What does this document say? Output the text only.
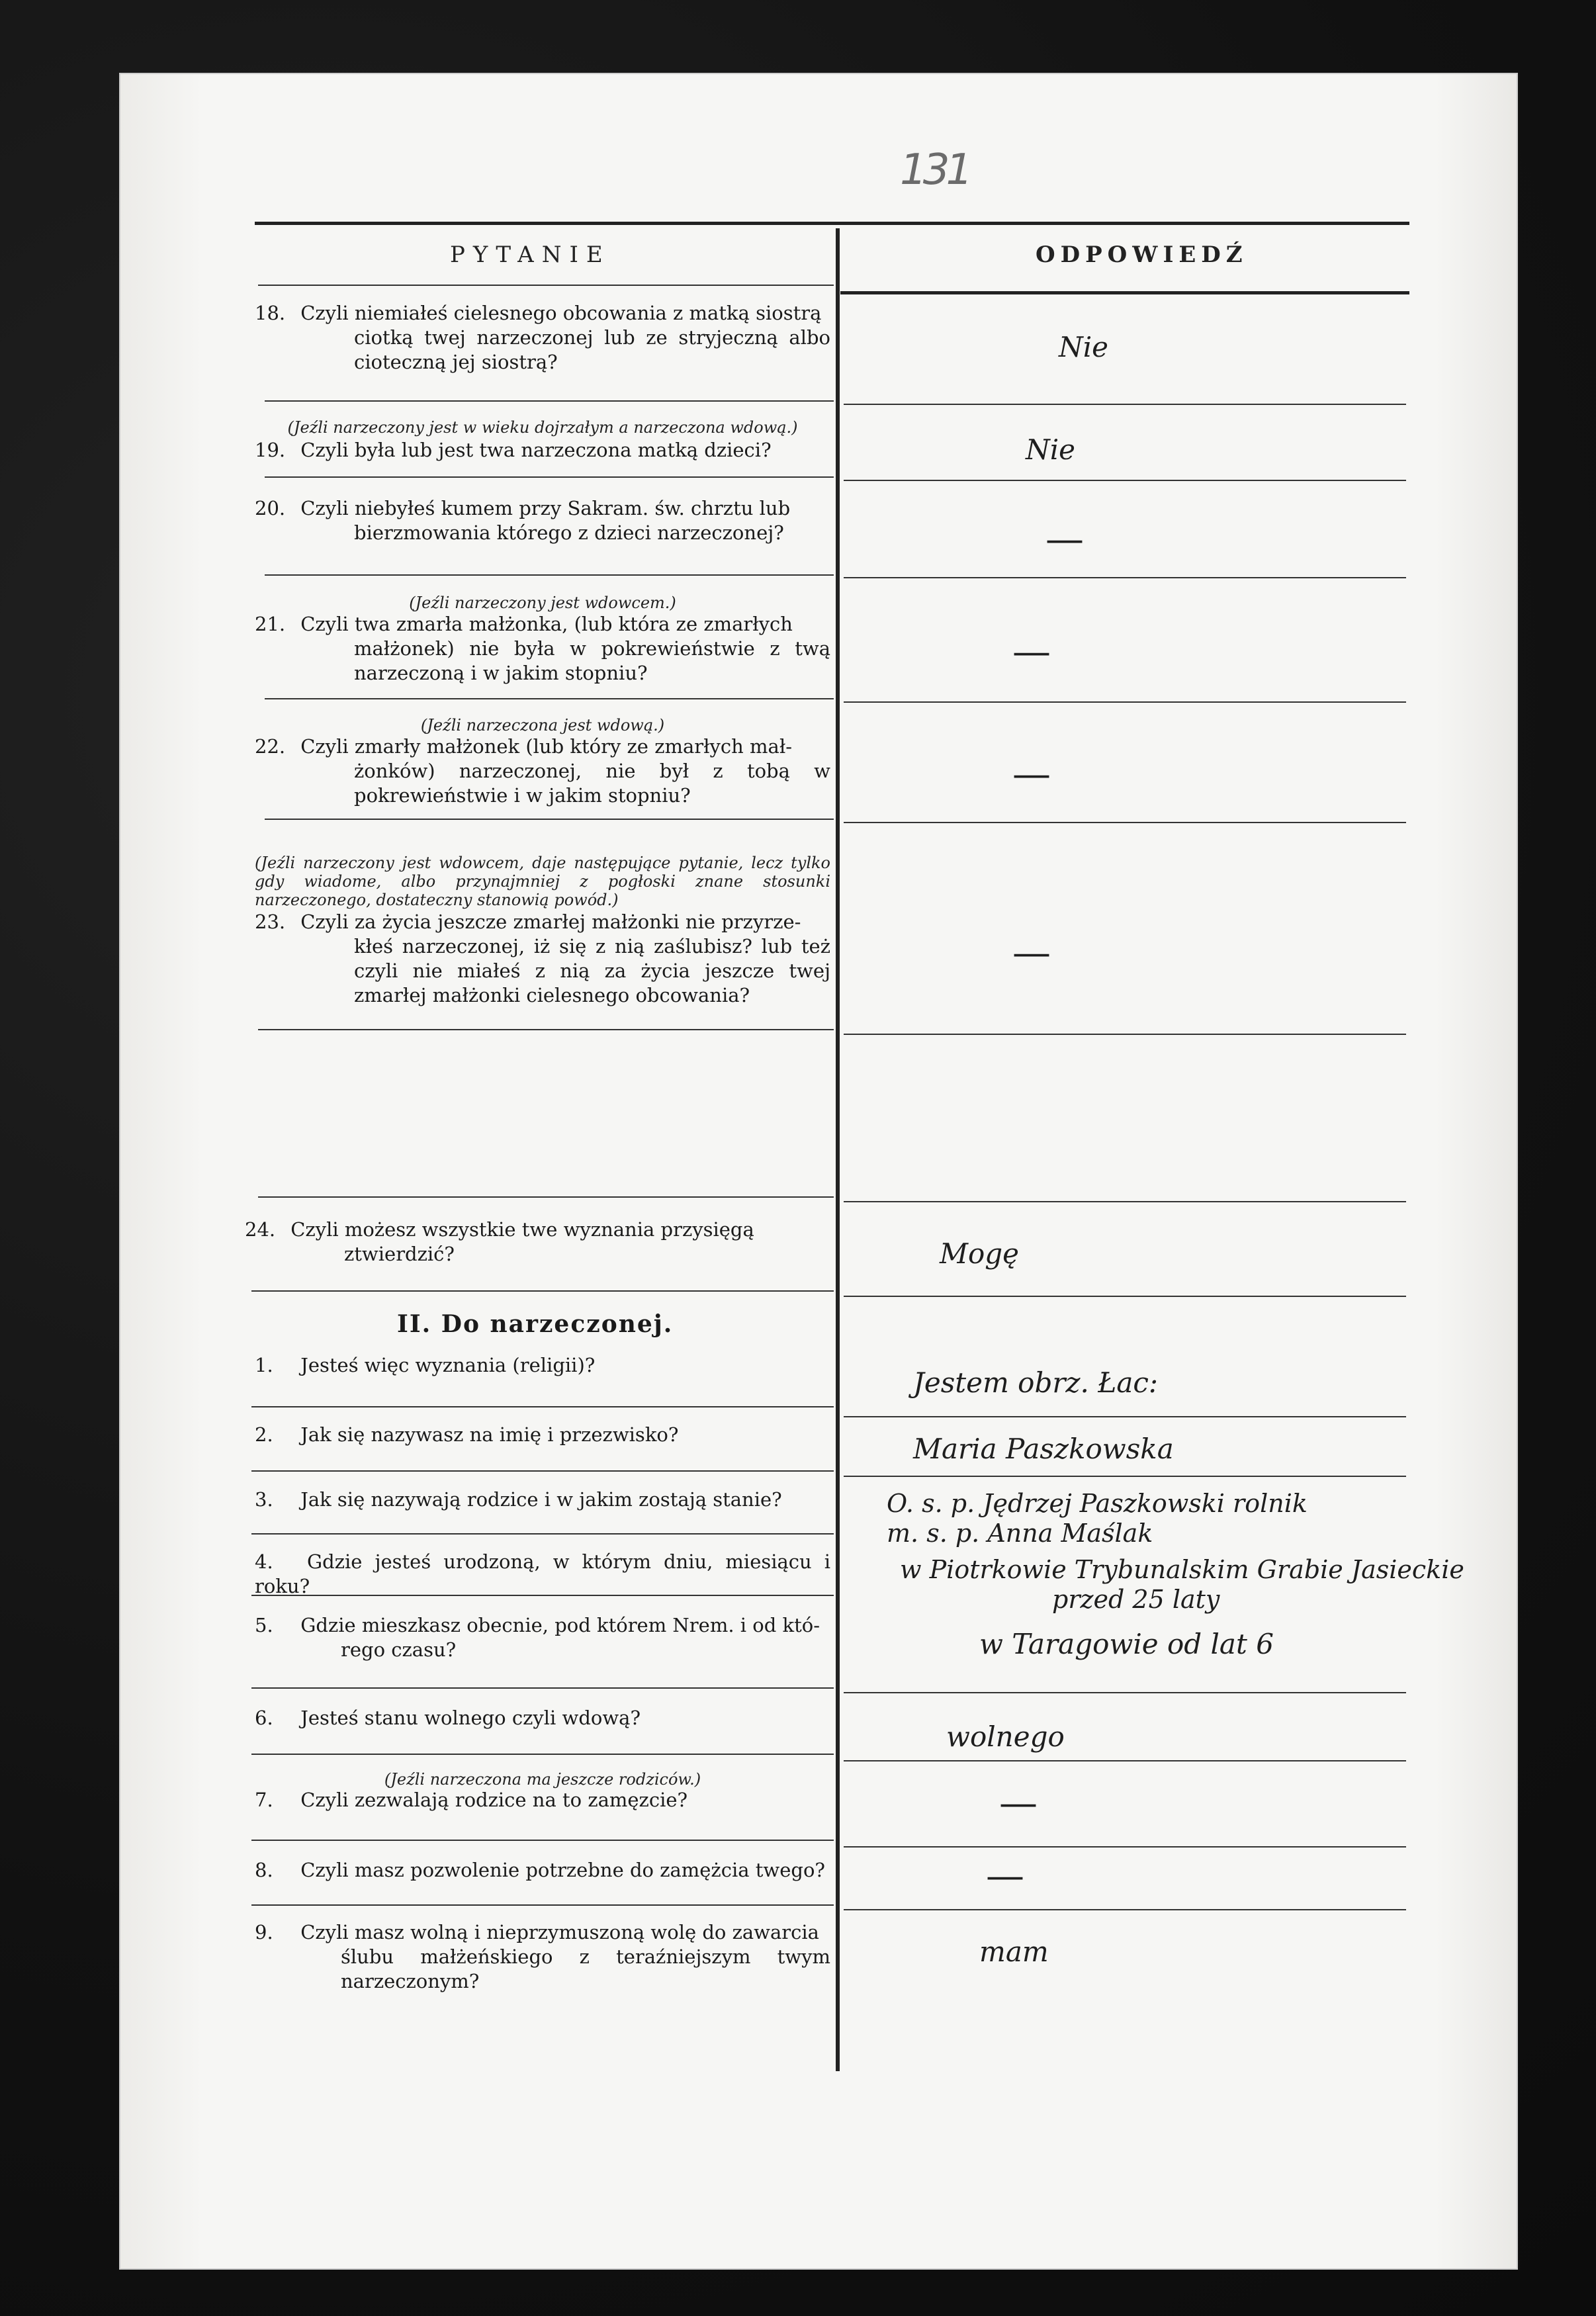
131
PYTANIE	ODPOWIEDŹ
18. Czyli niemiałeś cielesnego obcowania z matką siostrą
ciotką twej narzeczonej lub ze stryjeczną albo cioteczną jej siostrą?
(Jeźli narzeczony jest w wieku dojrzałym a narzeczona wdową.)
19. Czyli była lub jest twa narzeczona matką dzieci?
20. Czyli niebyłeś kumem przy Sakram. św. chrztu lub
bierzmowania którego z dzieci narzeczonej?
(Jeźli narzeczony jest wdowcem.)
21. Czyli twa zmarła małżonka, (lub która ze zmarłych
małżonek) nie była w pokrewieństwie z twą narzeczoną i w jakim stopniu?
(Jeźli narzeczona jest wdową.)
22. Czyli zmarły małżonek (lub który ze zmarłych mał-
żonków) narzeczonej, nie był z tobą w pokrewieństwie i w jakim stopniu?
(Jeźli narzeczony jest wdowcem, daje następujące pytanie, lecz tylko gdy wiadome, albo przynajmniej z pogłoski znane stosunki narzeczonego, dostateczny stanowią powód.)
23. Czyli za życia jeszcze zmarłej małżonki nie przyrze-
kłeś narzeczonej, iż się z nią zaślubisz? lub też czyli nie miałeś z nią za życia jeszcze twej zmarłej małżonki cielesnego obcowania?
24. Czyli możesz wszystkie twe wyznania przysięgą
ztwierdzić?
II. Do narzeczonej.
1. Jesteś więc wyznania (religii)?
2. Jak się nazywasz na imię i przezwisko?
3. Jak się nazywają rodzice i w jakim zostają stanie?
4. Gdzie jesteś urodzoną, w którym dniu, miesiącu i roku?
5. Gdzie mieszkasz obecnie, pod którem Nrem. i od któ-
rego czasu?
6. Jesteś stanu wolnego czyli wdową?
(Jeźli narzeczona ma jeszcze rodziców.)
7. Czyli zezwalają rodzice na to zamęzcie?
8. Czyli masz pozwolenie potrzebne do zamężcia twego?
9. Czyli masz wolną i nieprzymuszoną wolę do zawarcia
ślubu małżeńskiego z teraźniejszym twym narzeczonym?
Nie
Nie
—
—
—
—
Mogę
Jestem obrz. Łac:
Maria Paszkowska
O. s. p. Jędrzej Paszkowski rolnik
m. s. p. Anna Maślak
w Piotrkowie Trybunalskim Grabie Jasieckie
przed 25 laty
w Taragowie od lat 6
wolnego
—
—
mam
